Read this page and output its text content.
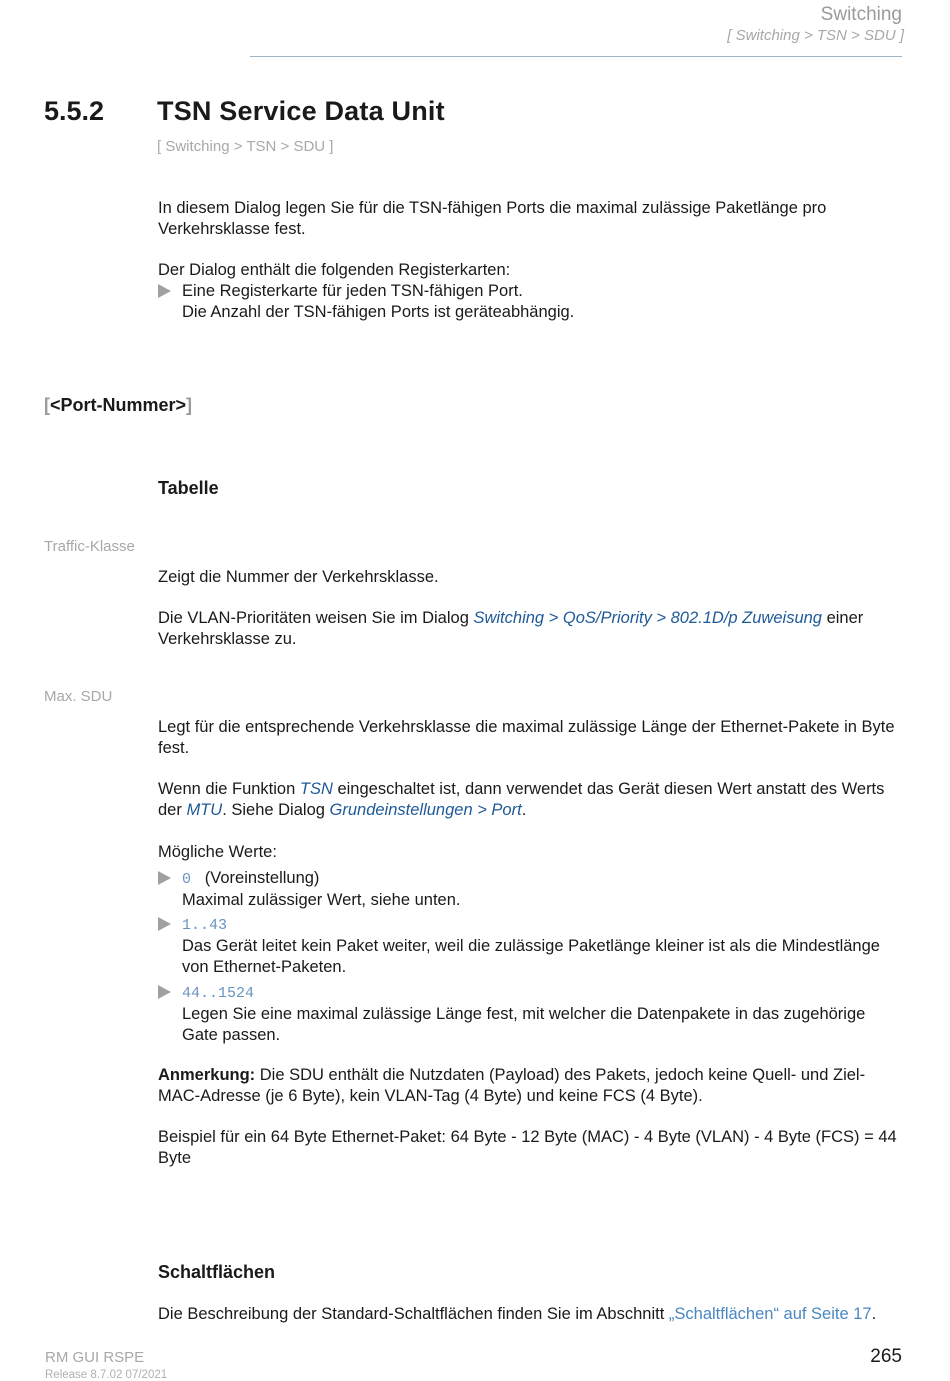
Switching
[ Switching > TSN > SDU ]
5.5.2 TSN Service Data Unit
[ Switching > TSN > SDU ]
In diesem Dialog legen Sie für die TSN-fähigen Ports die maximal zulässige Paketlänge pro Verkehrsklasse fest.
Der Dialog enthält die folgenden Registerkarten:
Eine Registerkarte für jeden TSN-fähigen Port.
Die Anzahl der TSN-fähigen Ports ist geräteabhängig.
[<Port-Nummer>]
Tabelle
Traffic-Klasse
Zeigt die Nummer der Verkehrsklasse.
Die VLAN-Prioritäten weisen Sie im Dialog Switching > QoS/Priority > 802.1D/p Zuweisung einer Verkehrsklasse zu.
Max. SDU
Legt für die entsprechende Verkehrsklasse die maximal zulässige Länge der Ethernet-Pakete in Byte fest.
Wenn die Funktion TSN eingeschaltet ist, dann verwendet das Gerät diesen Wert anstatt des Werts der MTU. Siehe Dialog Grundeinstellungen > Port.
Mögliche Werte:
0 (Voreinstellung)
Maximal zulässiger Wert, siehe unten.
1..43
Das Gerät leitet kein Paket weiter, weil die zulässige Paketlänge kleiner ist als die Mindestlänge von Ethernet-Paketen.
44..1524
Legen Sie eine maximal zulässige Länge fest, mit welcher die Datenpakete in das zugehörige Gate passen.
Anmerkung: Die SDU enthält die Nutzdaten (Payload) des Pakets, jedoch keine Quell- und Ziel-MAC-Adresse (je 6 Byte), kein VLAN-Tag (4 Byte) und keine FCS (4 Byte).
Beispiel für ein 64 Byte Ethernet-Paket: 64 Byte - 12 Byte (MAC) - 4 Byte (VLAN) - 4 Byte (FCS) = 44 Byte
Schaltflächen
Die Beschreibung der Standard-Schaltflächen finden Sie im Abschnitt „Schaltflächen“ auf Seite 17.
RM GUI RSPE
Release 8.7.02 07/2021
265
